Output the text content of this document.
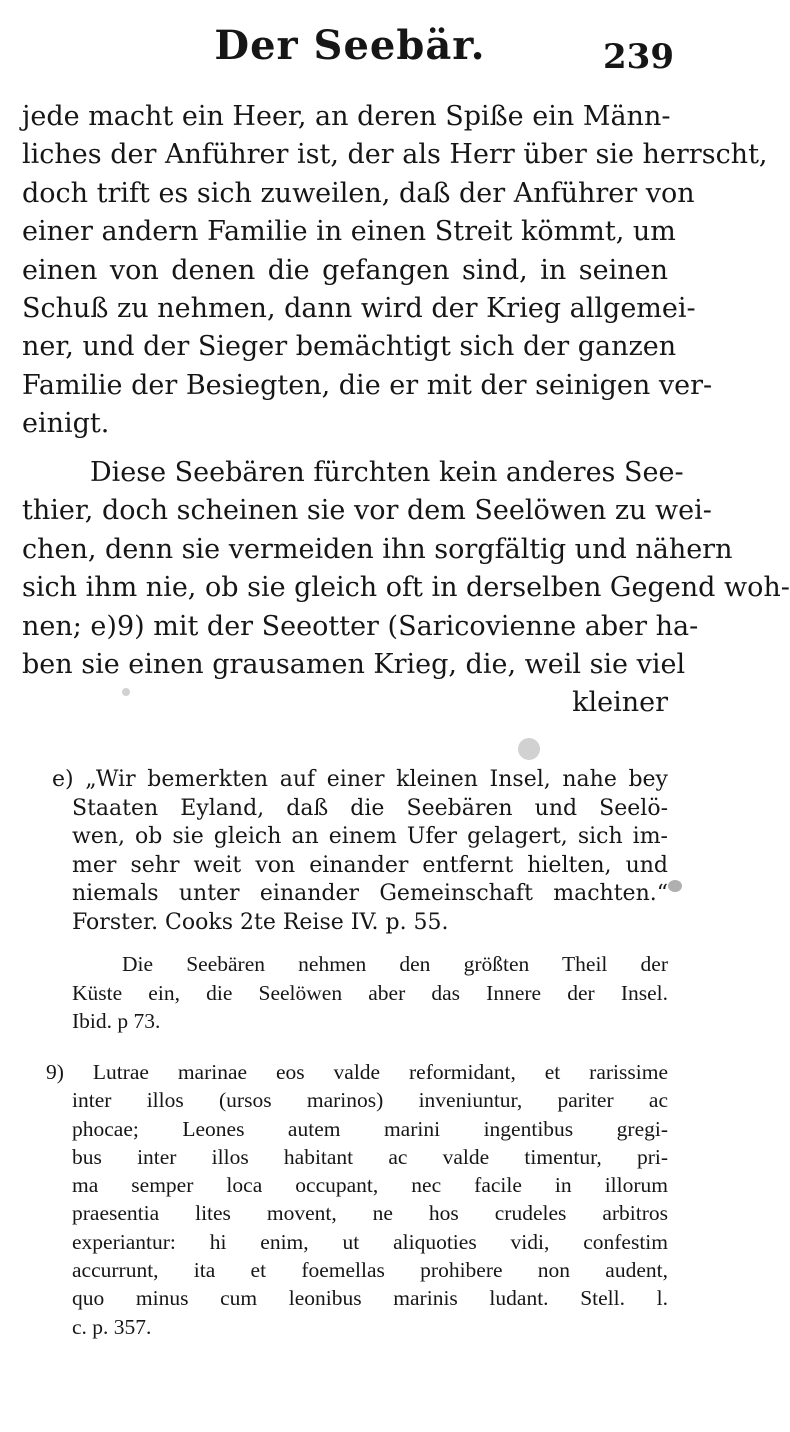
Der Seebär.	239
jede macht ein Heer, an deren Spiße ein Männ-
liches der Anführer ist, der als Herr über sie herrscht,
doch trift es sich zuweilen, daß der Anführer von
einer andern Familie in einen Streit kömmt, um
einen von denen die gefangen sind, in seinen
Schuß zu nehmen, dann wird der Krieg allgemei-
ner, und der Sieger bemächtigt sich der ganzen
Familie der Besiegten, die er mit der seinigen ver-
einigt.
Diese Seebären fürchten kein anderes See-
thier, doch scheinen sie vor dem Seelöwen zu wei-
chen, denn sie vermeiden ihn sorgfältig und nähern
sich ihm nie, ob sie gleich oft in derselben Gegend woh-
nen; e)9) mit der Seeotter (Saricovienne aber ha-
ben sie einen grausamen Krieg, die, weil sie viel
kleiner
e) „Wir bemerkten auf einer kleinen Insel, nahe bey
Staaten Eyland, daß die Seebären und Seelö-
wen, ob sie gleich an einem Ufer gelagert, sich im-
mer sehr weit von einander entfernt hielten, und
niemals unter einander Gemeinschaft machten.“
Forster. Cooks 2te Reise IV. p. 55.
Die Seebären nehmen den größten Theil der
Küste ein, die Seelöwen aber das Innere der Insel.
Ibid. p 73.
9) Lutrae marinae eos valde reformidant, et rarissime
inter illos (ursos marinos) inveniuntur, pariter ac
phocae; Leones autem marini ingentibus gregi-
bus inter illos habitant ac valde timentur, pri-
ma semper loca occupant, nec facile in illorum
praesentia lites movent, ne hos crudeles arbitros
experiantur: hi enim, ut aliquoties vidi, confestim
accurrunt, ita et foemellas prohibere non audent,
quo minus cum leonibus marinis ludant. Stell. l.
c. p. 357.
